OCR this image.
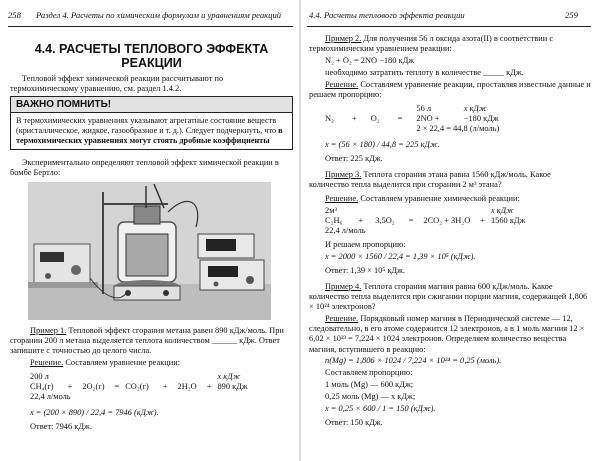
258 Раздел 4. Расчеты по химическим формулам и уравнениям реакций
4.4. РАСЧЕТЫ ТЕПЛОВОГО ЭФФЕКТА
РЕАКЦИИ

Тепловой эффект химической реакции рассчитывают по термохимическому уравнению, см. раздел 1.4.2.

ВАЖНО ПОМНИТЬ!
В термохимических уравнениях указывают агрегатные состояние веществ (кристаллическое, жидкое, газообразное и т. д.). Следует подчеркнуть, что в термохимических уравнениях могут стоять дробные коэффициенты

Экспериментально определяют тепловой эффект химической реакции в бомбе Бертло:

Пример 1. Тепловой эффект сгорания метана равен 890 кДж/моль. При сгорании 200 л метана выделяется теплота количеством ______ кДж. Ответ запишите с точностью до целого числа.

Решение. Составляем уравнение реакции:

200 л								x кДж
CH₄(г)	+	2O₂(г)	=	CO₂(г)	+	2H₂O	+	890 кДж
22,4 л/моль								

x = (200 × 890) / 22,4 = 7946 (кДж).

Ответ: 7946 кДж.

4.4. Расчеты теплового эффекта реакции	259

Пример 2. Для получения 56 л оксида азота(II) в соответствии с термохимическим уравнением реакции:

N₂ + O₂ = 2NO −180 кДж

необходимо затратить теплоту в количестве _____ кДж.

Решение. Составляем уравнение реакции, проставляя известные данные и решаем пропорцию:

				56 л	x кДж
N₂	+	O₂	=	2NO +	−180 кДж
				2 × 22,4 = 44,8 (л/моль)	

x = (56 × 180) / 44,8 = 225 кДж.

Ответ: 225 кДж.

Пример 3. Теплота сгорания этана равна 1560 кДж/моль. Какое количество тепла выделится при сгорании 2 м³ этана?

Решение. Составляем уравнение химической реакции:

2м³						x кДж
C₂H₆	+	3,5O₂	=	2CO₂ + 3H₂O	+	1560 кДж
22,4 л/моль						

И решаем пропорцию:

x = 2000 × 1560 / 22,4 = 1,39 × 10⁵ (кДж).

Ответ: 1,39 × 10⁵ кДж.

Пример 4. Теплота сгорания магния равна 600 кДж/моль. Какое количество тепла выделится при сжигании порции магния, содержащей 1,806 × 10²⁴ электронов?

Решение. Порядковый номер магния в Периодической системе — 12, следовательно, в его атоме содержится 12 электронов, а в 1 моль магния 12 × 6,02 × 10²³ = 7,224 × 1024 электронов. Определяем количество вещества магния, вступившего в реакцию:

n(Mg) = 1,806 × 1024 / 7,224 × 10²⁴ = 0,25 (моль).

Составляем пропорцию:

1 моль (Mg) — 600 кДж;

0,25 моль (Mg) — x кДж;

x = 0,25 × 600 / 1 = 150 (кДж).

Ответ: 150 кДж.
